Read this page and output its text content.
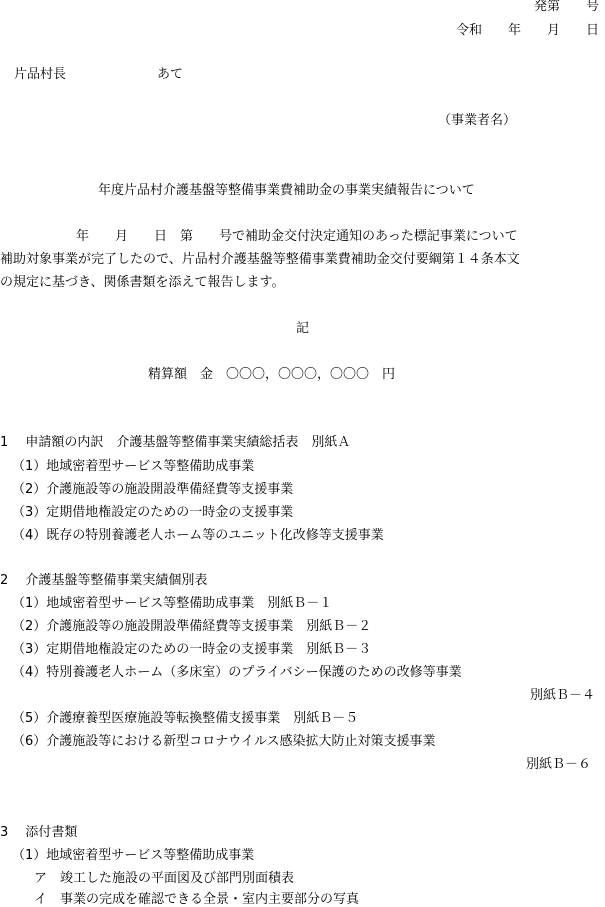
発第　　号
令和　　年　　月　　日
片品村長　　　　　　　あて
（事業者名）
年度片品村介護基盤等整備事業費補助金の事業実績報告について
年　　月　　日　第　　号で補助金交付決定通知のあった標記事業について
補助対象事業が完了したので、片品村介護基盤等整備事業費補助金交付要綱第１４条本文
の規定に基づき、関係書類を添えて報告します。
記
精算額　金　〇〇〇，〇〇〇，〇〇〇　円
1　 申請額の内訳　介護基盤等整備事業実績総括表　別紙Ａ
（1）地域密着型サービス等整備助成事業
（2）介護施設等の施設開設準備経費等支援事業
（3）定期借地権設定のための一時金の支援事業
（4）既存の特別養護老人ホーム等のユニット化改修等支援事業
2　 介護基盤等整備事業実績個別表
（1）地域密着型サービス等整備助成事業　別紙Ｂ－１
（2）介護施設等の施設開設準備経費等支援事業　別紙Ｂ－２
（3）定期借地権設定のための一時金の支援事業　別紙Ｂ－３
（4）特別養護老人ホーム（多床室）のプライバシー保護のための改修等事業
別紙Ｂ－４
（5）介護療養型医療施設等転換整備支援事業　別紙Ｂ－５
（6）介護施設等における新型コロナウイルス感染拡大防止対策支援事業
別紙Ｂ－６
3　 添付書類
（1）地域密着型サービス等整備助成事業
ア　竣工した施設の平面図及び部門別面積表
イ　事業の完成を確認できる全景・室内主要部分の写真
